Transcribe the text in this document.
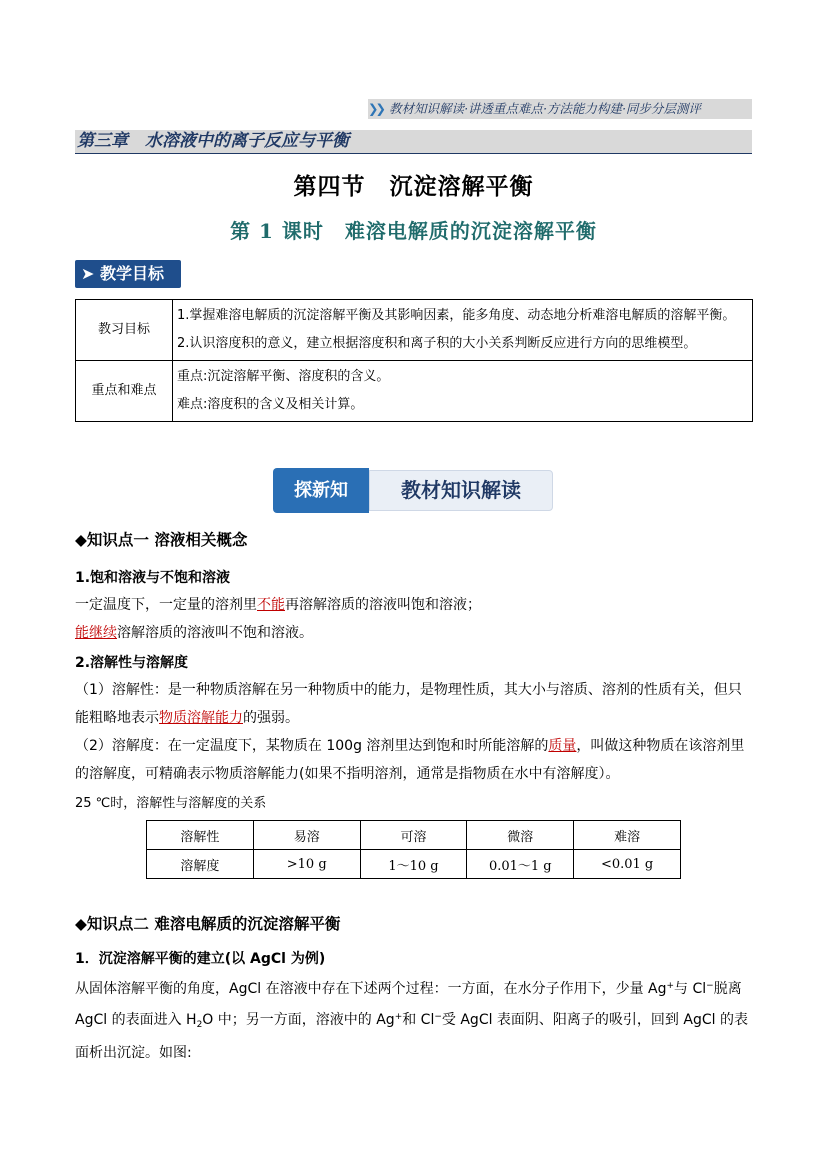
❯❯ 教材知识解读·讲透重点难点·方法能力构建·同步分层测评
第三章　水溶液中的离子反应与平衡
第四节　沉淀溶解平衡
第 1 课时　难溶电解质的沉淀溶解平衡
➤ 教学目标
教习目标	1.掌握难溶电解质的沉淀溶解平衡及其影响因素，能多角度、动态地分析难溶电解质的溶解平衡。
2.认识溶度积的意义，建立根据溶度积和离子积的大小关系判断反应进行方向的思维模型。

重点和难点	重点:沉淀溶解平衡、溶度积的含义。
难点:溶度积的含义及相关计算。
探新知	教材知识解读
◆知识点一 溶液相关概念
1.饱和溶液与不饱和溶液
一定温度下，一定量的溶剂里不能再溶解溶质的溶液叫饱和溶液；
能继续溶解溶质的溶液叫不饱和溶液。
2.溶解性与溶解度
（1）溶解性：是一种物质溶解在另一种物质中的能力，是物理性质，其大小与溶质、溶剂的性质有关，但只能粗略地表示物质溶解能力的强弱。
（2）溶解度：在一定温度下，某物质在 100g 溶剂里达到饱和时所能溶解的质量，叫做这种物质在该溶剂里的溶解度，可精确表示物质溶解能力(如果不指明溶剂，通常是指物质在水中有溶解度）。
25 ℃时，溶解性与溶解度的关系
溶解性	易溶	可溶	微溶	难溶
溶解度	>10 g	1～10 g	0.01～1 g	<0.01 g
◆知识点二 难溶电解质的沉淀溶解平衡
1．沉淀溶解平衡的建立(以 AgCl 为例)
从固体溶解平衡的角度，AgCl 在溶液中存在下述两个过程：一方面，在水分子作用下，少量 Ag+与 Cl−脱离 AgCl 的表面进入 $H_2O$ 中；另一方面，溶液中的 Ag+和 Cl−受 AgCl 表面阴、阳离子的吸引，回到 AgCl 的表面析出沉淀。如图:
